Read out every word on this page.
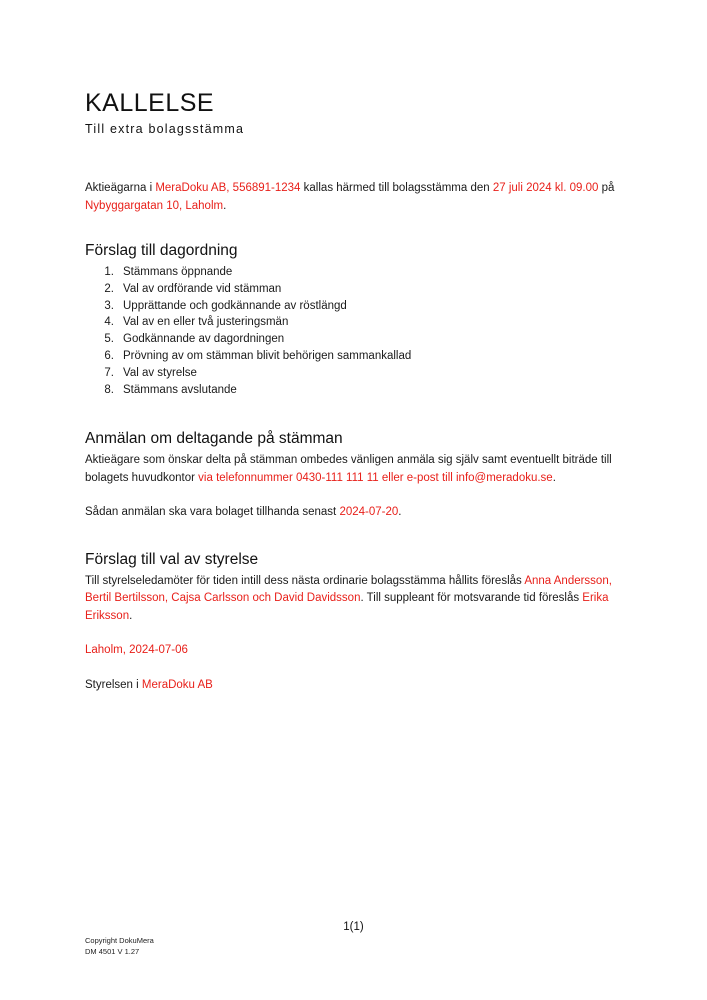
KALLELSE

Till extra bolagsstämma

Aktieägarna i MeraDoku AB, 556891-1234 kallas härmed till bolagsstämma den 27 juli 2024 kl. 09.00 på Nybyggargatan 10, Laholm.

Förslag till dagordning
1. Stämmans öppnande
2. Val av ordförande vid stämman
3. Upprättande och godkännande av röstlängd
4. Val av en eller två justeringsmän
5. Godkännande av dagordningen
6. Prövning av om stämman blivit behörigen sammankallad
7. Val av styrelse
8. Stämmans avslutande
Anmälan om deltagande på stämman

Aktieägare som önskar delta på stämman ombedes vänligen anmäla sig själv samt eventuellt biträde till bolagets huvudkontor via telefonnummer 0430-111 111 11 eller e-post till info@meradoku.se.

Sådan anmälan ska vara bolaget tillhanda senast 2024-07-20.

Förslag till val av styrelse

Till styrelseledamöter för tiden intill dess nästa ordinarie bolagsstämma hållits föreslås Anna Andersson, Bertil Bertilsson, Cajsa Carlsson och David Davidsson. Till suppleant för motsvarande tid föreslås Erika Eriksson.

Laholm, 2024-07-06

Styrelsen i MeraDoku AB

1(1)
Copyright DokuMera
DM 4501 V 1.27
